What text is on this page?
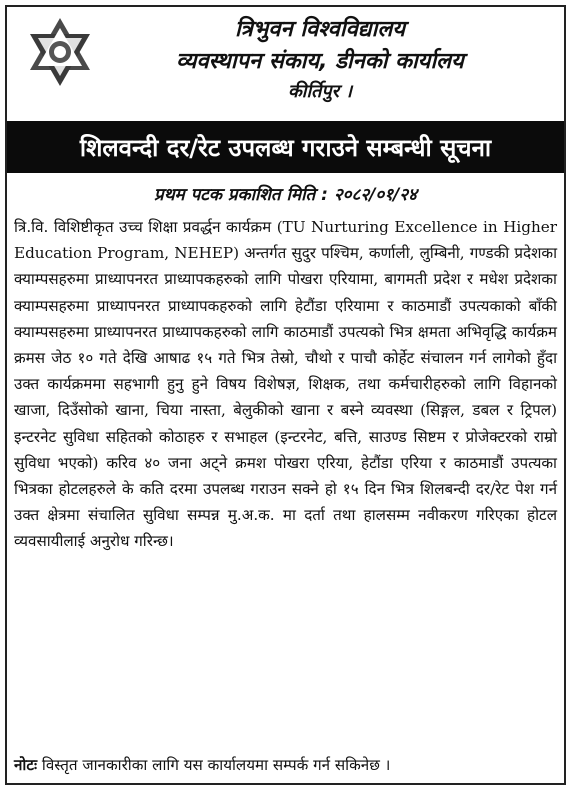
त्रिभुवन विश्वविद्यालय
व्यवस्थापन संकाय, डीनको कार्यालय
कीर्तिपुर ।
शिलवन्दी दर/रेट उपलब्ध गराउने सम्बन्धी सूचना
प्रथम पटक प्रकाशित मिति : २०८२/०१/२४
त्रि.वि. विशिष्टीकृत उच्च शिक्षा प्रवर्द्धन कार्यक्रम (TU Nurturing Excellence in Higher Education Program, NEHEP) अन्तर्गत सुदुर पश्चिम, कर्णाली, लुम्बिनी, गण्डकी प्रदेशका क्याम्पसहरुमा प्राध्यापनरत प्राध्यापकहरुको लागि पोखरा एरियामा, बागमती प्रदेश र मधेश प्रदेशका क्याम्पसहरुमा प्राध्यापनरत प्राध्यापकहरुको लागि हेटौंडा एरियामा र काठमाडौं उपत्यकाको बाँकी क्याम्पसहरुमा प्राध्यापनरत प्राध्यापकहरुको लागि काठमाडौं उपत्यको भित्र क्षमता अभिवृद्धि कार्यक्रम क्रमस जेठ १० गते देखि आषाढ १५ गते भित्र तेस्रो, चौथो र पाचौ कोर्हेट संचालन गर्न लागेको हुँदा उक्त कार्यक्रममा सहभागी हुनु हुने विषय विशेषज्ञ, शिक्षक, तथा कर्मचारीहरुको लागि विहानको खाजा, दिउँसोको खाना, चिया नास्ता, बेलुकीको खाना र बस्ने व्यवस्था (सिङ्गल, डबल र ट्रिपल) इन्टरनेट सुविधा सहितको कोठाहरु र सभाहल (इन्टरनेट, बत्ति, साउण्ड सिष्टम र प्रोजेक्टरको राम्रो सुविधा भएको) करिव ४० जना अट्ने क्रमश पोखरा एरिया, हेटौंडा एरिया र काठमाडौं उपत्यका भित्रका होटलहरुले के कति दरमा उपलब्ध गराउन सक्ने हो १५ दिन भित्र शिलबन्दी दर/रेट पेश गर्न उक्त क्षेत्रमा संचालित सुविधा सम्पन्न मु.अ.क. मा दर्ता तथा हालसम्म नवीकरण गरिएका होटल व्यवसायीलाई अनुरोध गरिन्छ।
नोटः विस्तृत जानकारीका लागि यस कार्यालयमा सम्पर्क गर्न सकिनेछ ।
